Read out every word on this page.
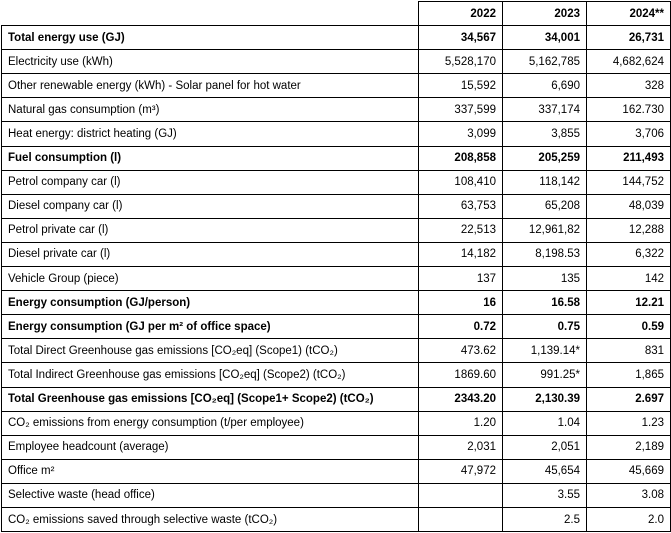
	2022	2023	2024**
Total energy use (GJ)	34,567	34,001	26,731
Electricity use (kWh)	5,528,170	5,162,785	4,682,624
Other renewable energy (kWh) - Solar panel for hot water	15,592	6,690	328
Natural gas consumption (m³)	337,599	337,174	162.730
Heat energy: district heating (GJ)	3,099	3,855	3,706
Fuel consumption (l)	208,858	205,259	211,493
Petrol company car (l)	108,410	118,142	144,752
Diesel company car (l)	63,753	65,208	48,039
Petrol private car (l)	22,513	12,961,82	12,288
Diesel private car (l)	14,182	8,198.53	6,322
Vehicle Group (piece)	137	135	142
Energy consumption (GJ/person)	16	16.58	12.21
Energy consumption (GJ per m² of office space)	0.72	0.75	0.59
Total Direct Greenhouse gas emissions [CO₂eq] (Scope1) (tCO₂)	473.62	1,139.14*	831
Total Indirect Greenhouse gas emissions [CO₂eq] (Scope2) (tCO₂)	1869.60	991.25*	1,865
Total Greenhouse gas emissions [CO₂eq] (Scope1+ Scope2) (tCO₂)	2343.20	2,130.39	2.697
CO₂ emissions from energy consumption (t/per employee)	1.20	1.04	1.23
Employee headcount (average)	2,031	2,051	2,189
Office m²	47,972	45,654	45,669
Selective waste (head office)		3.55	3.08
CO₂ emissions saved through selective waste (tCO₂)		2.5	2.0
